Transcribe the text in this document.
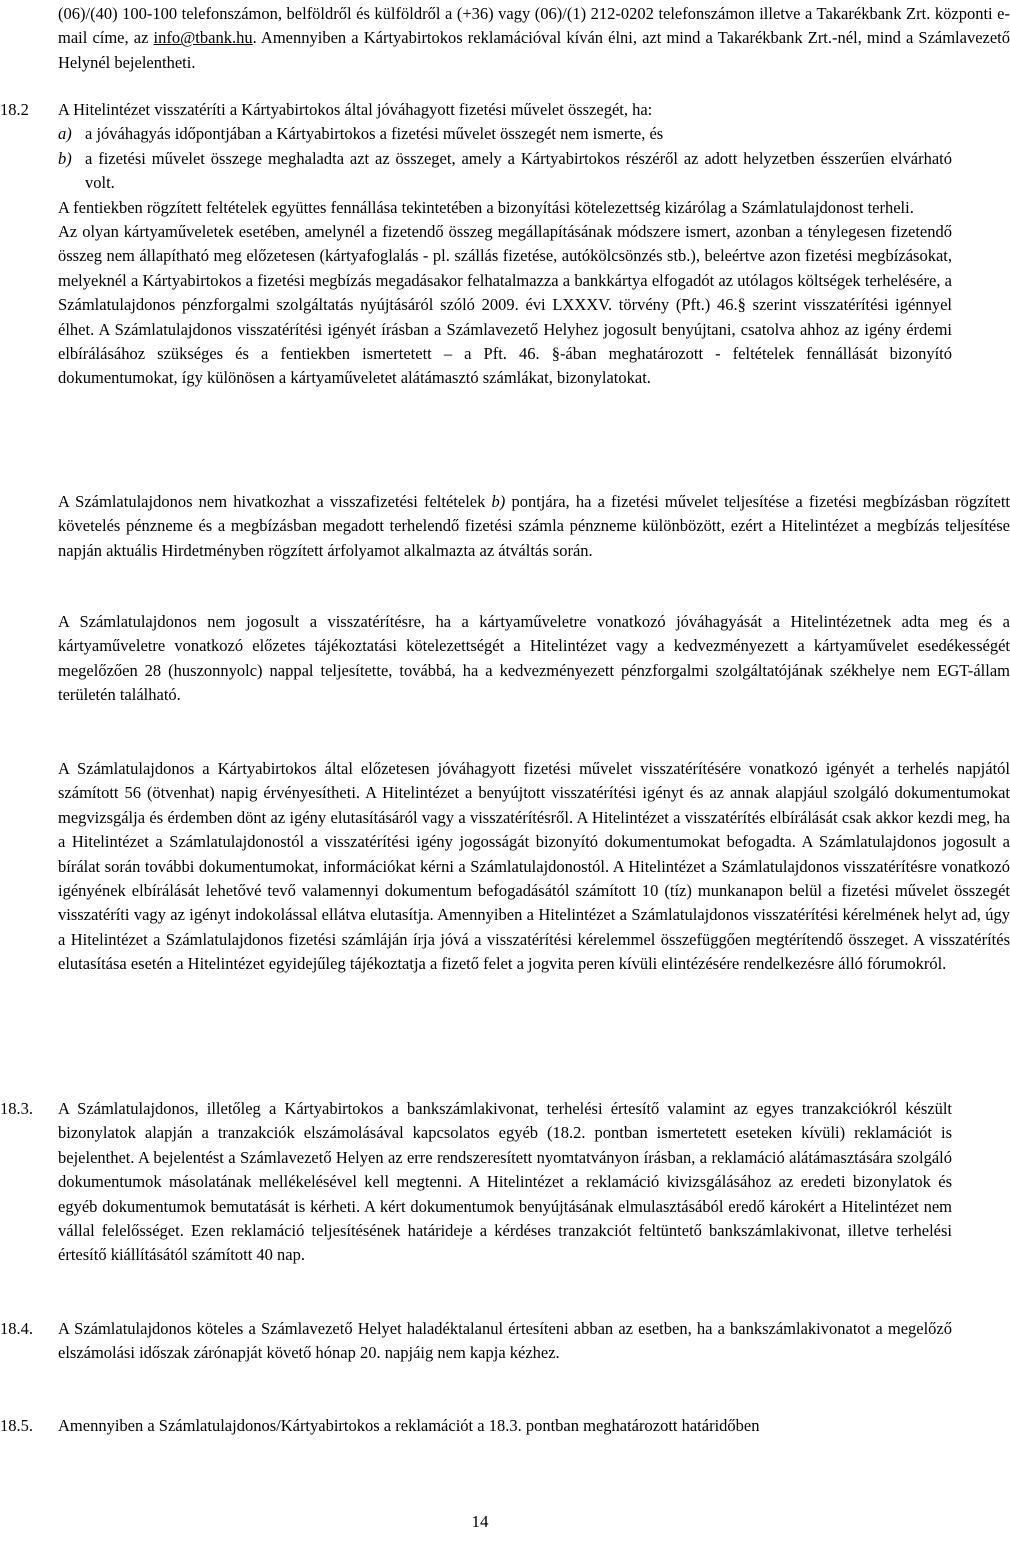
(06)/(40) 100-100 telefonszámon, belföldről és külföldről a (+36) vagy (06)/(1) 212-0202 telefonszámon illetve a Takarékbank Zrt. központi e-mail címe, az info@tbank.hu. Amennyiben a Kártyabirtokos reklamációval kíván élni, azt mind a Takarékbank Zrt.-nél, mind a Számlavezető Helynél bejelentheti.

18.2 A Hitelintézet visszatéríti a Kártyabirtokos által jóváhagyott fizetési művelet összegét, ha:

a) a jóváhagyás időpontjában a Kártyabirtokos a fizetési művelet összegét nem ismerte, és

b) a fizetési művelet összege meghaladta azt az összeget, amely a Kártyabirtokos részéről az adott helyzetben ésszerűen elvárható volt.

A fentiekben rögzített feltételek együttes fennállása tekintetében a bizonyítási kötelezettség kizárólag a Számlatulajdonost terheli.

Az olyan kártyaműveletek esetében, amelynél a fizetendő összeg megállapításának módszere ismert, azonban a ténylegesen fizetendő összeg nem állapítható meg előzetesen (kártyafoglalás - pl. szállás fizetése, autókölcsönzés stb.), beleértve azon fizetési megbízásokat, melyeknél a Kártyabirtokos a fizetési megbízás megadásakor felhatalmazza a bankkártya elfogadót az utólagos költségek terhelésére, a Számlatulajdonos pénzforgalmi szolgáltatás nyújtásáról szóló 2009. évi LXXXV. törvény (Pft.) 46.§ szerint visszatérítési igénnyel élhet. A Számlatulajdonos visszatérítési igényét írásban a Számlavezető Helyhez jogosult benyújtani, csatolva ahhoz az igény érdemi elbírálásához szükséges és a fentiekben ismertetett – a Pft. 46. §-ában meghatározott - feltételek fennállását bizonyító dokumentumokat, így különösen a kártyaműveletet alátámasztó számlákat, bizonylatokat.

A Számlatulajdonos nem hivatkozhat a visszafizetési feltételek b) pontjára, ha a fizetési művelet teljesítése a fizetési megbízásban rögzített követelés pénzneme és a megbízásban megadott terhelendő fizetési számla pénzneme különbözött, ezért a Hitelintézet a megbízás teljesítése napján aktuális Hirdetményben rögzített árfolyamot alkalmazta az átváltás során.

A Számlatulajdonos nem jogosult a visszatérítésre, ha a kártyaműveletre vonatkozó jóváhagyását a Hitelintézetnek adta meg és a kártyaműveletre vonatkozó előzetes tájékoztatási kötelezettségét a Hitelintézet vagy a kedvezményezett a kártyaművelet esedékességét megelőzően 28 (huszonnyolc) nappal teljesítette, továbbá, ha a kedvezményezett pénzforgalmi szolgáltatójának székhelye nem EGT-állam területén található.

A Számlatulajdonos a Kártyabirtokos által előzetesen jóváhagyott fizetési művelet visszatérítésére vonatkozó igényét a terhelés napjától számított 56 (ötvenhat) napig érvényesítheti. A Hitelintézet a benyújtott visszatérítési igényt és az annak alapjául szolgáló dokumentumokat megvizsgálja és érdemben dönt az igény elutasításáról vagy a visszatérítésről. A Hitelintézet a visszatérítés elbírálását csak akkor kezdi meg, ha a Hitelintézet a Számlatulajdonostól a visszatérítési igény jogosságát bizonyító dokumentumokat befogadta. A Számlatulajdonos jogosult a bírálat során további dokumentumokat, információkat kérni a Számlatulajdonostól. A Hitelintézet a Számlatulajdonos visszatérítésre vonatkozó igényének elbírálását lehetővé tevő valamennyi dokumentum befogadásától számított 10 (tíz) munkanapon belül a fizetési művelet összegét visszatéríti vagy az igényt indokolással ellátva elutasítja. Amennyiben a Hitelintézet a Számlatulajdonos visszatérítési kérelmének helyt ad, úgy a Hitelintézet a Számlatulajdonos fizetési számláján írja jóvá a visszatérítési kérelemmel összefüggően megtérítendő összeget. A visszatérítés elutasítása esetén a Hitelintézet egyidejűleg tájékoztatja a fizető felet a jogvita peren kívüli elintézésére rendelkezésre álló fórumokról.

18.3. A Számlatulajdonos, illetőleg a Kártyabirtokos a bankszámlakivonat, terhelési értesítő valamint az egyes tranzakciókról készült bizonylatok alapján a tranzakciók elszámolásával kapcsolatos egyéb (18.2. pontban ismertetett eseteken kívüli) reklamációt is bejelenthet. A bejelentést a Számlavezető Helyen az erre rendszeresített nyomtatványon írásban, a reklamáció alátámasztására szolgáló dokumentumok másolatának mellékelésével kell megtenni. A Hitelintézet a reklamáció kivizsgálásához az eredeti bizonylatok és egyéb dokumentumok bemutatását is kérheti. A kért dokumentumok benyújtásának elmulasztásából eredő károkért a Hitelintézet nem vállal felelősséget. Ezen reklamáció teljesítésének határideje a kérdéses tranzakciót feltüntető bankszámlakivonat, illetve terhelési értesítő kiállításától számított 40 nap.

18.4. A Számlatulajdonos köteles a Számlavezető Helyet haladéktalanul értesíteni abban az esetben, ha a bankszámlakivonatot a megelőző elszámolási időszak zárónapját követő hónap 20. napjáig nem kapja kézhez.

18.5. Amennyiben a Számlatulajdonos/Kártyabirtokos a reklamációt a 18.3. pontban meghatározott határidőben

14
